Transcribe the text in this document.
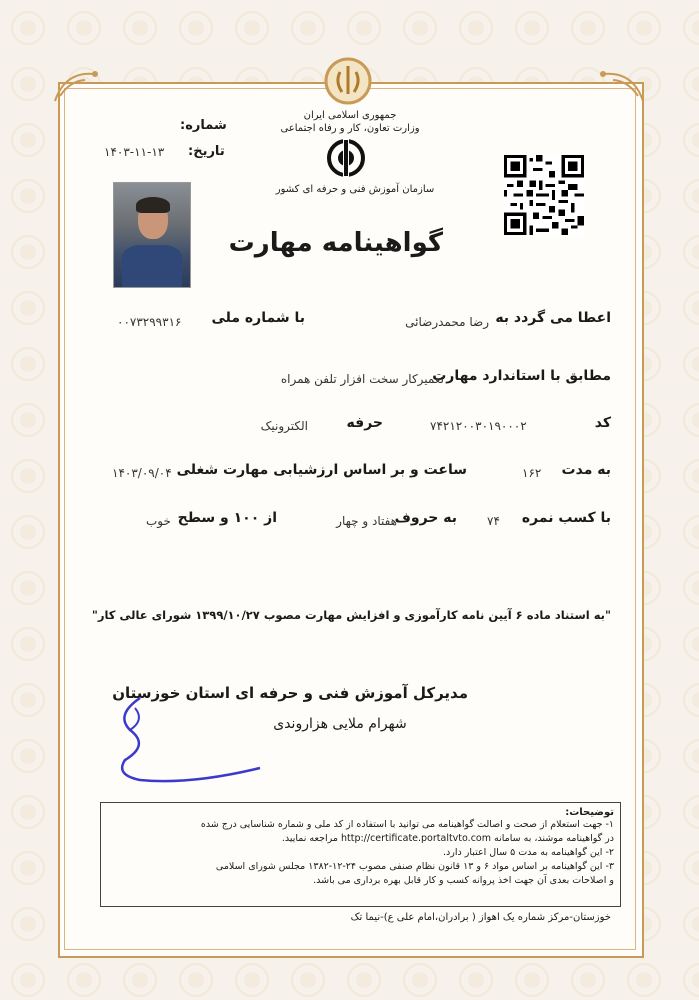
جمهوری اسلامی ایران
وزارت تعاون، کار و رفاه اجتماعی
سازمان آموزش فنی و حرفه ای کشور
شماره:
تاریخ:
۱۴۰۳-۱۱-۱۳
گواهینامه مهارت
اعطا می گردد به
رضا محمدرضائی
با شماره ملی
۰۰۷۳۲۹۹۳۱۶
مطابق با استاندارد مهارت
تعمیرکار سخت افزار تلفن همراه
کد
۷۴۲۱۲۰۰۳۰۱۹۰۰۰۲
حرفه
الکترونیک
به مدت
۱۶۲
ساعت و بر اساس ارزشیابی مهارت شغلی
۱۴۰۳/۰۹/۰۴
با کسب نمره
۷۴
به حروف
هفتاد و چهار
از ۱۰۰ و سطح
خوب
"به استناد ماده ۶ آیین نامه کارآموزی و افزایش مهارت مصوب ۱۳۹۹/۱۰/۲۷ شورای عالی کار"
مدیرکل آموزش فنی و حرفه ای استان خوزستان
شهرام ملایی هزاروندی
توضیحات:
۱- جهت استعلام از صحت و اصالت گواهینامه می توانید با استفاده از کد ملی و شماره شناسایی درج شده
در گواهینامه موشند، به سامانه http://certificate.portaltvto.com مراجعه نمایید.
۲- این گواهینامه به مدت ۵ سال اعتبار دارد.
۳- این گواهینامه بر اساس مواد ۶ و ۱۳ قانون نظام صنفی مصوب ۲۴-۱۲-۱۳۸۲ مجلس شورای اسلامی
و اصلاحات بعدی آن جهت اخذ پروانه کسب و کار قابل بهره برداری می باشد.
خوزستان-مرکز شماره یک اهواز ( برادران،امام علی ع)-نیما تک
